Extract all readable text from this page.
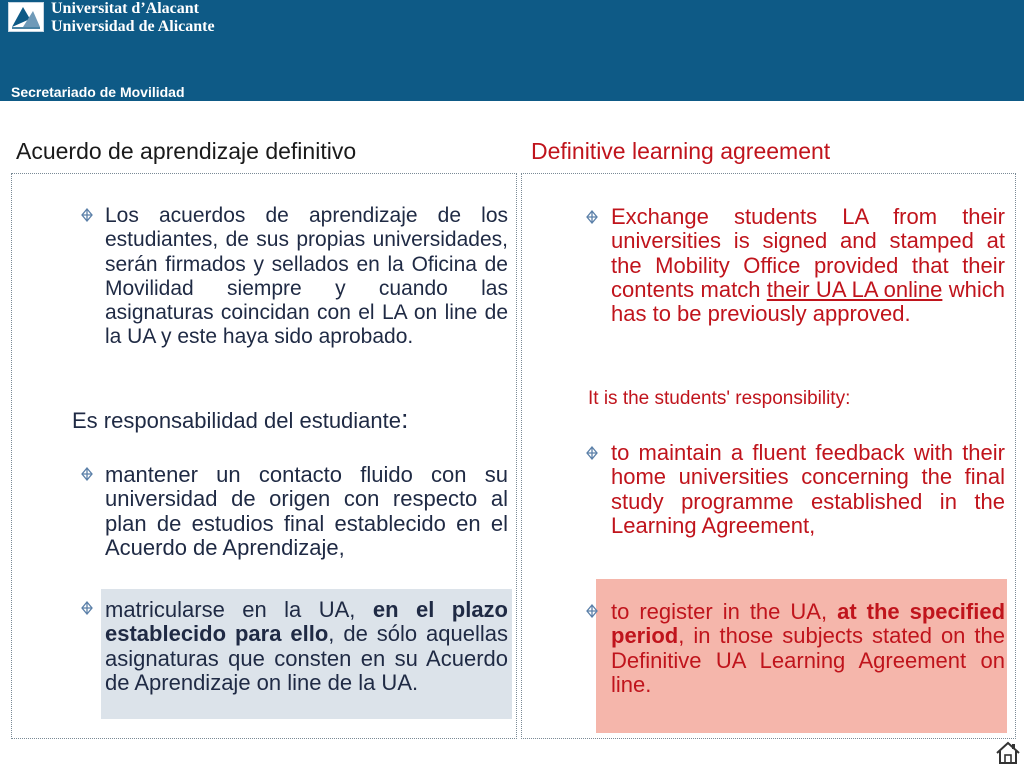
Universitat d’Alacant
Universidad de Alicante
Secretariado de Movilidad
Acuerdo de aprendizaje definitivo	Definitive learning agreement
Los acuerdos de aprendizaje de los estudiantes, de sus propias universidades, serán firmados y sellados en la Oficina de Movilidad siempre y cuando las asignaturas coincidan con el LA on line de la UA y este haya sido aprobado.
Es responsabilidad del estudiante:
mantener un contacto fluido con su universidad de origen con respecto al plan de estudios final establecido en el Acuerdo de Aprendizaje,
matricularse en la UA, en el plazo establecido para ello, de sólo aquellas asignaturas que consten en su Acuerdo de Aprendizaje on line de la UA.
Exchange students LA from their universities is signed and stamped at the Mobility Office provided that their contents match their UA LA online which has to be previously approved.
It is the students' responsibility:
to maintain a fluent feedback with their home universities concerning the final study programme established in the Learning Agreement,
to register in the UA, at the specified period, in those subjects stated on the Definitive UA Learning Agreement on line.
